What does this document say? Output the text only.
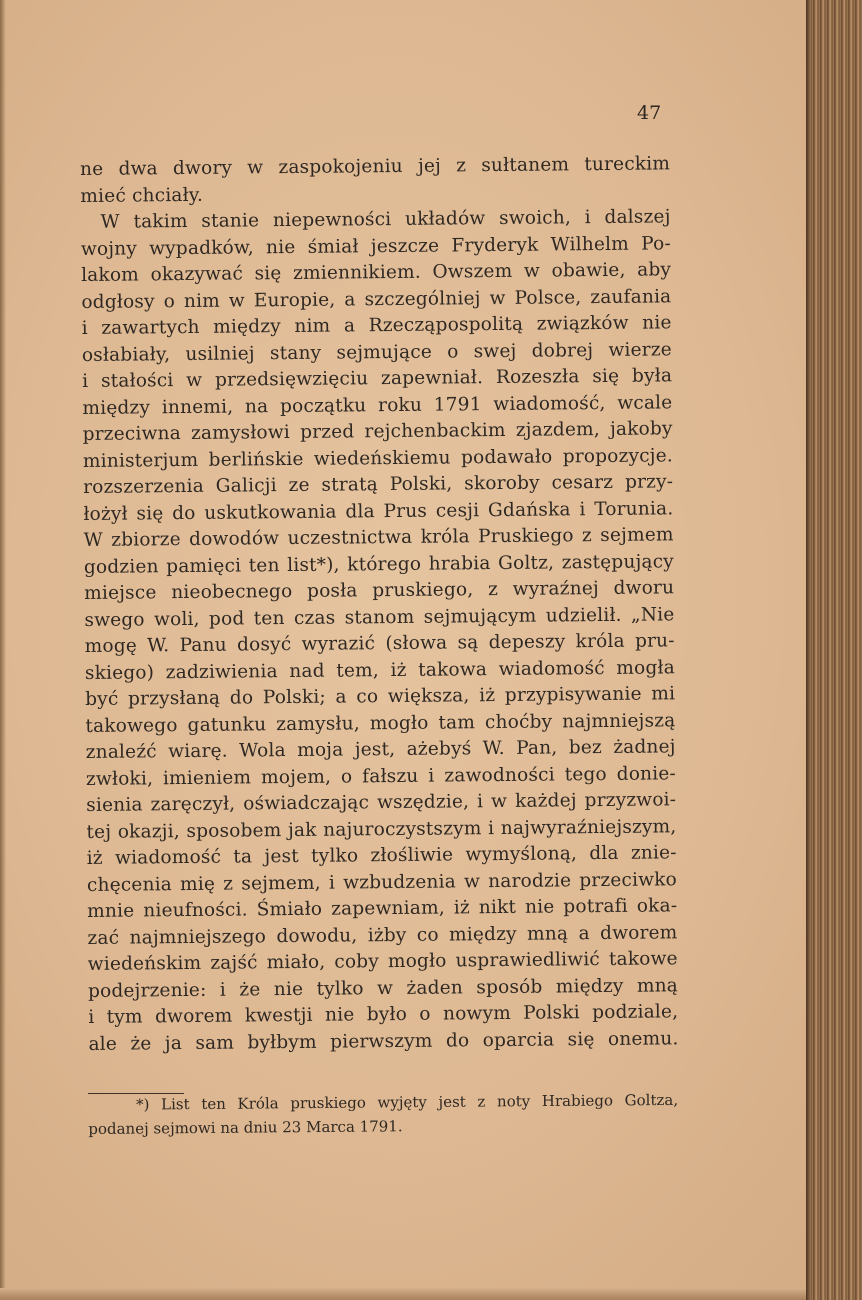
47
ne dwa dwory w zaspokojeniu jej z sułtanem tureckim
mieć chciały.
W takim stanie niepewności układów swoich, i dalszej
wojny wypadków, nie śmiał jeszcze Fryderyk Wilhelm Po-
lakom okazywać się zmiennikiem. Owszem w obawie, aby
odgłosy o nim w Europie, a szczególniej w Polsce, zaufania
i zawartych między nim a Rzecząpospolitą związków nie
osłabiały, usilniej stany sejmujące o swej dobrej wierze
i stałości w przedsięwzięciu zapewniał. Rozeszła się była
między innemi, na początku roku 1791 wiadomość, wcale
przeciwna zamysłowi przed rejchenbackim zjazdem, jakoby
ministerjum berlińskie wiedeńskiemu podawało propozycje.
rozszerzenia Galicji ze stratą Polski, skoroby cesarz przy-
łożył się do uskutkowania dla Prus cesji Gdańska i Torunia.
W zbiorze dowodów uczestnictwa króla Pruskiego z sejmem
godzien pamięci ten list*), którego hrabia Goltz, zastępujący
miejsce nieobecnego posła pruskiego, z wyraźnej dworu
swego woli, pod ten czas stanom sejmującym udzielił. „Nie
mogę W. Panu dosyć wyrazić (słowa są depeszy króla pru-
skiego) zadziwienia nad tem, iż takowa wiadomość mogła
być przysłaną do Polski; a co większa, iż przypisywanie mi
takowego gatunku zamysłu, mogło tam choćby najmniejszą
znaleźć wiarę. Wola moja jest, ażebyś W. Pan, bez żadnej
zwłoki, imieniem mojem, o fałszu i zawodności tego donie-
sienia zaręczył, oświadczając wszędzie, i w każdej przyzwoi-
tej okazji, sposobem jak najuroczystszym i najwyraźniejszym,
iż wiadomość ta jest tylko złośliwie wymyśloną, dla znie-
chęcenia mię z sejmem, i wzbudzenia w narodzie przeciwko
mnie nieufności. Śmiało zapewniam, iż nikt nie potrafi oka-
zać najmniejszego dowodu, iżby co między mną a dworem
wiedeńskim zajść miało, coby mogło usprawiedliwić takowe
podejrzenie: i że nie tylko w żaden sposób między mną
i tym dworem kwestji nie było o nowym Polski podziale,
ale że ja sam byłbym pierwszym do oparcia się onemu.
*) List ten Króla pruskiego wyjęty jest z noty Hrabiego Goltza,
podanej sejmowi na dniu 23 Marca 1791.
